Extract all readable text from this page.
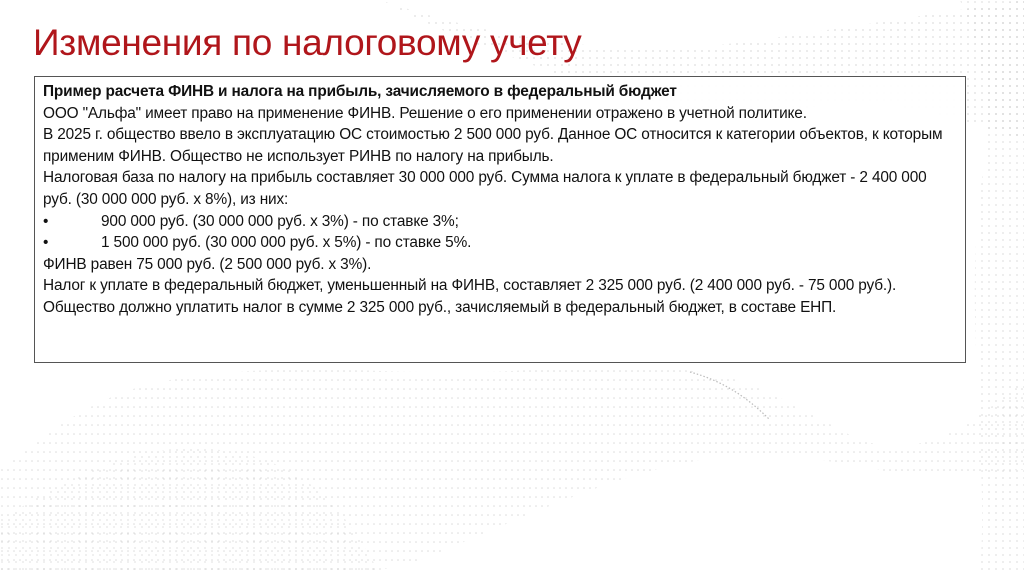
Изменения по налоговому учету

Пример расчета ФИНВ и налога на прибыль, зачисляемого в федеральный бюджет

ООО "Альфа" имеет право на применение ФИНВ. Решение о его применении отражено в учетной политике.

В 2025 г. общество ввело в эксплуатацию ОС стоимостью 2 500 000 руб. Данное ОС относится к категории объектов, к которым применим ФИНВ. Общество не использует РИНВ по налогу на прибыль.

Налоговая база по налогу на прибыль составляет 30 000 000 руб. Сумма налога к уплате в федеральный бюджет - 2 400 000 руб. (30 000 000 руб. х 8%), из них:

•	900 000 руб. (30 000 000 руб. х 3%) - по ставке 3%;
•	1 500 000 руб. (30 000 000 руб. х 5%) - по ставке 5%.

ФИНВ равен 75 000 руб. (2 500 000 руб. х 3%).

Налог к уплате в федеральный бюджет, уменьшенный на ФИНВ, составляет 2 325 000 руб. (2 400 000 руб. - 75 000 руб.).

Общество должно уплатить налог в сумме 2 325 000 руб., зачисляемый в федеральный бюджет, в составе ЕНП.
